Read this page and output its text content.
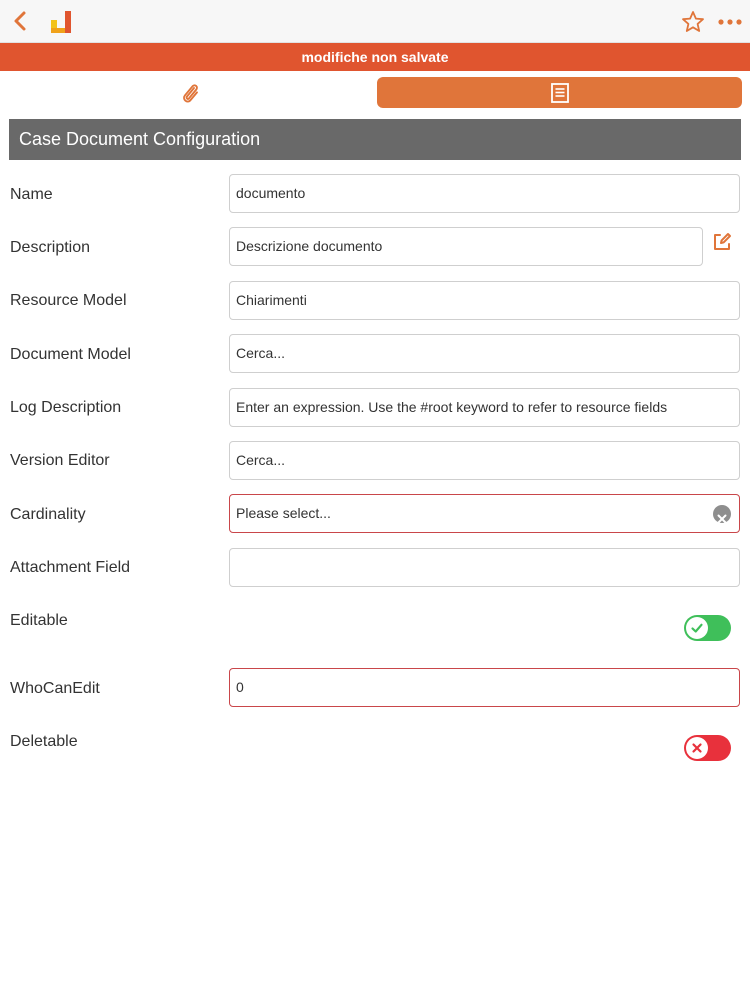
modifiche non salvate
Case Document Configuration
Name	documento
Description	Descrizione documento
Resource Model	Chiarimenti
Document Model	Cerca...
Log Description	Enter an expression. Use the #root keyword to refer to resource fields
Version Editor	Cerca...
Cardinality	Please select...
Attachment Field
Editable
WhoCanEdit	0
Deletable
